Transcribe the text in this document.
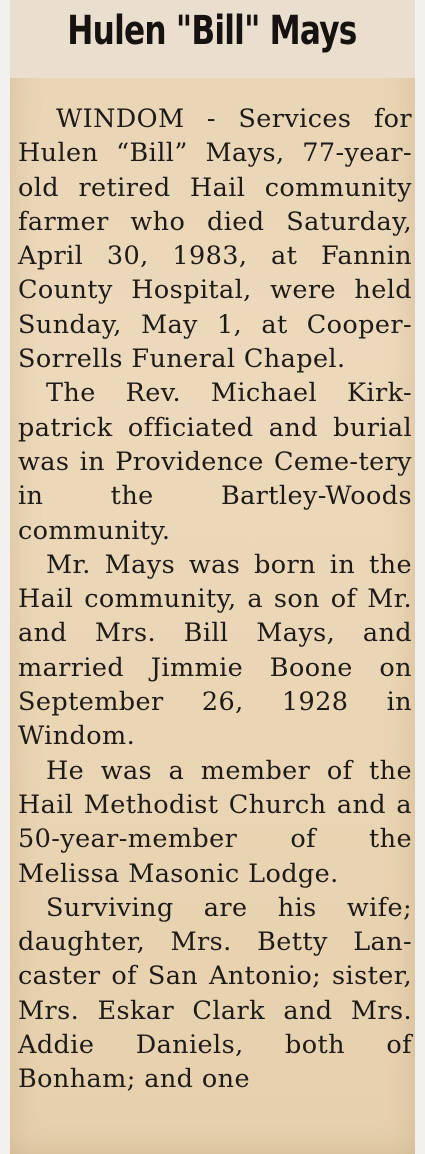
Hulen "Bill" Mays

WINDOM - Services for Hulen “Bill” Mays, 77-year-old retired Hail community farmer who died Saturday, April 30, 1983, at Fannin County Hospital, were held Sunday, May 1, at Cooper-Sorrells Funeral Chapel.

The Rev. Michael Kirk-patrick officiated and burial was in Providence Ceme-tery in the Bartley-Woods community.

Mr. Mays was born in the Hail community, a son of Mr. and Mrs. Bill Mays, and married Jimmie Boone on September 26, 1928 in Windom.

He was a member of the Hail Methodist Church and a 50-year-member of the Melissa Masonic Lodge.

Surviving are his wife; daughter, Mrs. Betty Lan-caster of San Antonio; sister, Mrs. Eskar Clark and Mrs. Addie Daniels, both of Bonham; and one
